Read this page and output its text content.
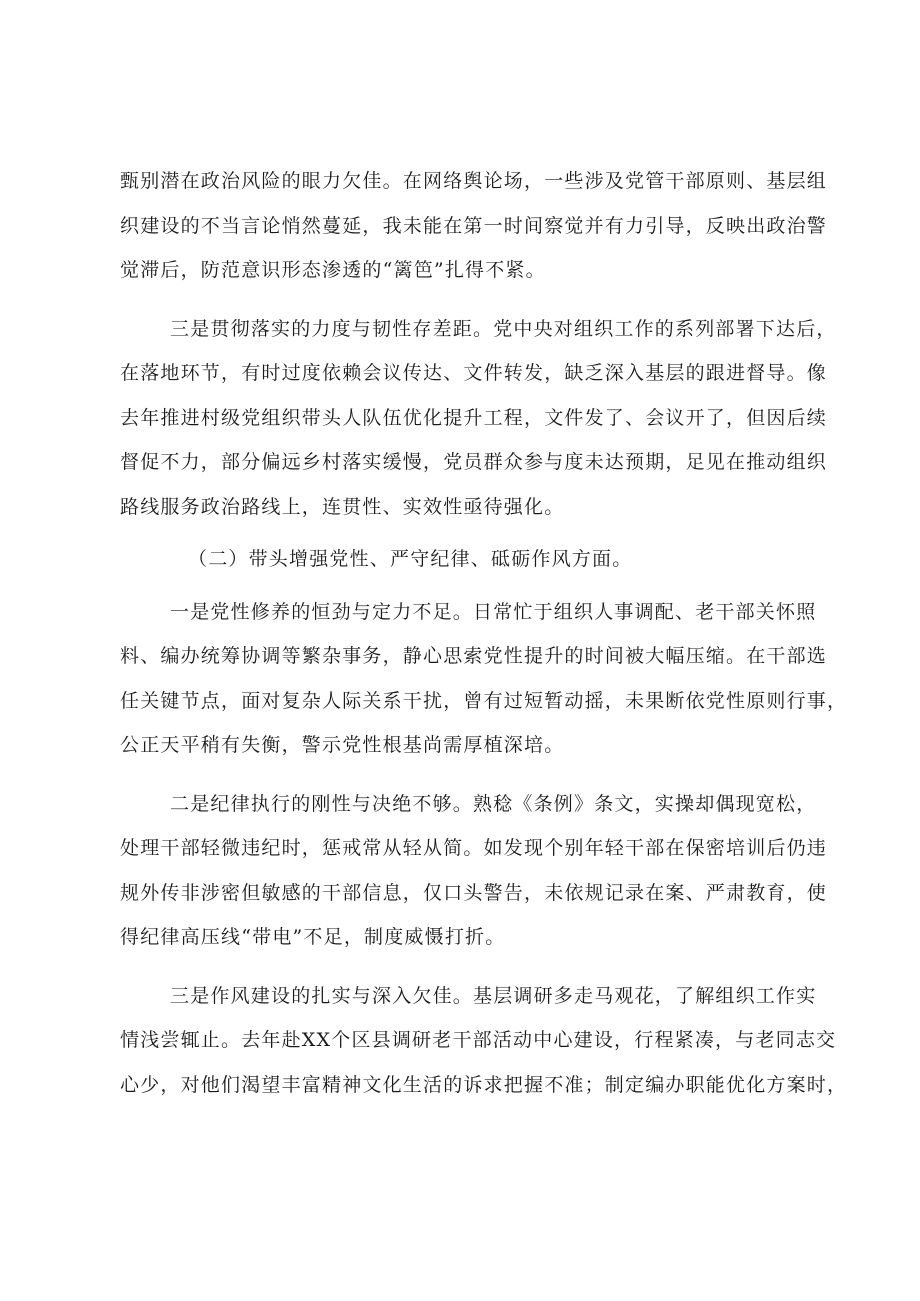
甄别潜在政治风险的眼力欠佳。在网络舆论场，一些涉及党管干部原则、基层组
织建设的不当言论悄然蔓延，我未能在第一时间察觉并有力引导，反映出政治警
觉滞后，防范意识形态渗透的“篱笆”扎得不紧。
三是贯彻落实的力度与韧性存差距。党中央对组织工作的系列部署下达后，
在落地环节，有时过度依赖会议传达、文件转发，缺乏深入基层的跟进督导。像
去年推进村级党组织带头人队伍优化提升工程，文件发了、会议开了，但因后续
督促不力，部分偏远乡村落实缓慢，党员群众参与度未达预期，足见在推动组织
路线服务政治路线上，连贯性、实效性亟待强化。
（二）带头增强党性、严守纪律、砥砺作风方面。
一是党性修养的恒劲与定力不足。日常忙于组织人事调配、老干部关怀照
料、编办统筹协调等繁杂事务，静心思索党性提升的时间被大幅压缩。在干部选
任关键节点，面对复杂人际关系干扰，曾有过短暂动摇，未果断依党性原则行事，
公正天平稍有失衡，警示党性根基尚需厚植深培。
二是纪律执行的刚性与决绝不够。熟稔《条例》条文，实操却偶现宽松，
处理干部轻微违纪时，惩戒常从轻从简。如发现个别年轻干部在保密培训后仍违
规外传非涉密但敏感的干部信息，仅口头警告，未依规记录在案、严肃教育，使
得纪律高压线“带电”不足，制度威慑打折。
三是作风建设的扎实与深入欠佳。基层调研多走马观花，了解组织工作实
情浅尝辄止。去年赴XX个区县调研老干部活动中心建设，行程紧凑，与老同志交
心少，对他们渴望丰富精神文化生活的诉求把握不准；制定编办职能优化方案时，
